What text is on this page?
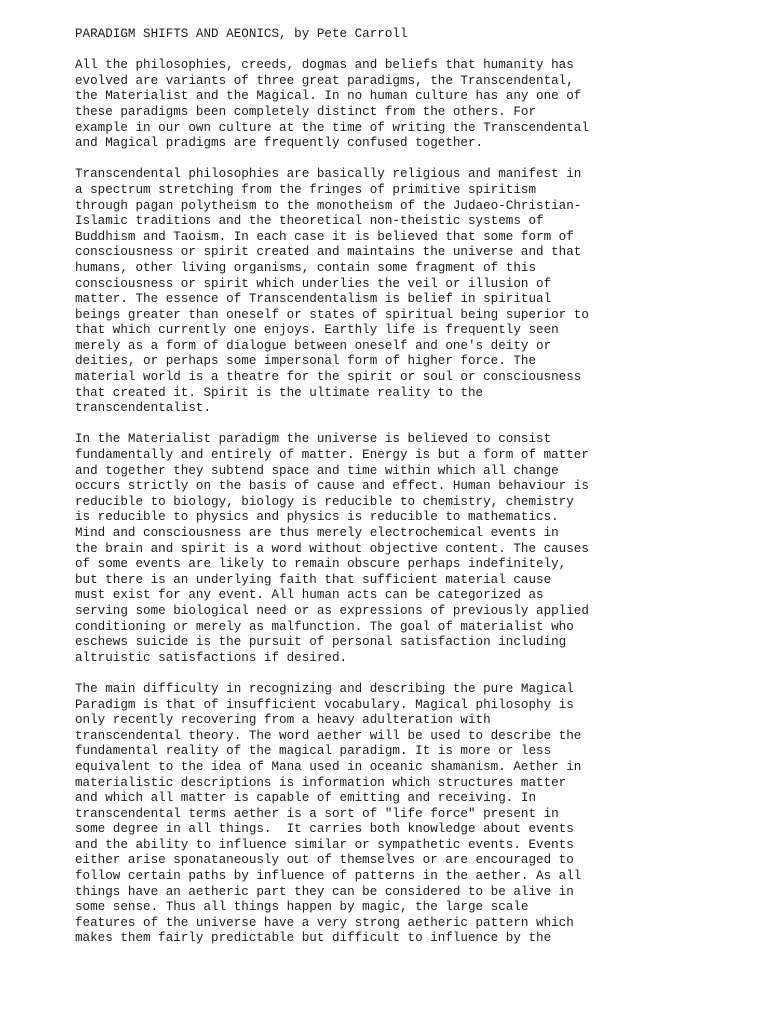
PARADIGM SHIFTS AND AEONICS, by Pete Carroll
All the philosophies, creeds, dogmas and beliefs that humanity has
evolved are variants of three great paradigms, the Transcendental,
the Materialist and the Magical. In no human culture has any one of
these paradigms been completely distinct from the others. For
example in our own culture at the time of writing the Transcendental
and Magical pradigms are frequently confused together.
Transcendental philosophies are basically religious and manifest in
a spectrum stretching from the fringes of primitive spiritism
through pagan polytheism to the monotheism of the Judaeo-Christian-
Islamic traditions and the theoretical non-theistic systems of
Buddhism and Taoism. In each case it is believed that some form of
consciousness or spirit created and maintains the universe and that
humans, other living organisms, contain some fragment of this
consciousness or spirit which underlies the veil or illusion of
matter. The essence of Transcendentalism is belief in spiritual
beings greater than oneself or states of spiritual being superior to
that which currently one enjoys. Earthly life is frequently seen
merely as a form of dialogue between oneself and one's deity or
deities, or perhaps some impersonal form of higher force. The
material world is a theatre for the spirit or soul or consciousness
that created it. Spirit is the ultimate reality to the
transcendentalist.
In the Materialist paradigm the universe is believed to consist
fundamentally and entirely of matter. Energy is but a form of matter
and together they subtend space and time within which all change
occurs strictly on the basis of cause and effect. Human behaviour is
reducible to biology, biology is reducible to chemistry, chemistry
is reducible to physics and physics is reducible to mathematics.
Mind and consciousness are thus merely electrochemical events in
the brain and spirit is a word without objective content. The causes
of some events are likely to remain obscure perhaps indefinitely,
but there is an underlying faith that sufficient material cause
must exist for any event. All human acts can be categorized as
serving some biological need or as expressions of previously applied
conditioning or merely as malfunction. The goal of materialist who
eschews suicide is the pursuit of personal satisfaction including
altruistic satisfactions if desired.
The main difficulty in recognizing and describing the pure Magical
Paradigm is that of insufficient vocabulary. Magical philosophy is
only recently recovering from a heavy adulteration with
transcendental theory. The word aether will be used to describe the
fundamental reality of the magical paradigm. It is more or less
equivalent to the idea of Mana used in oceanic shamanism. Aether in
materialistic descriptions is information which structures matter
and which all matter is capable of emitting and receiving. In
transcendental terms aether is a sort of "life force" present in
some degree in all things.  It carries both knowledge about events
and the ability to influence similar or sympathetic events. Events
either arise sponataneously out of themselves or are encouraged to
follow certain paths by influence of patterns in the aether. As all
things have an aetheric part they can be considered to be alive in
some sense. Thus all things happen by magic, the large scale
features of the universe have a very strong aetheric pattern which
makes them fairly predictable but difficult to influence by the
